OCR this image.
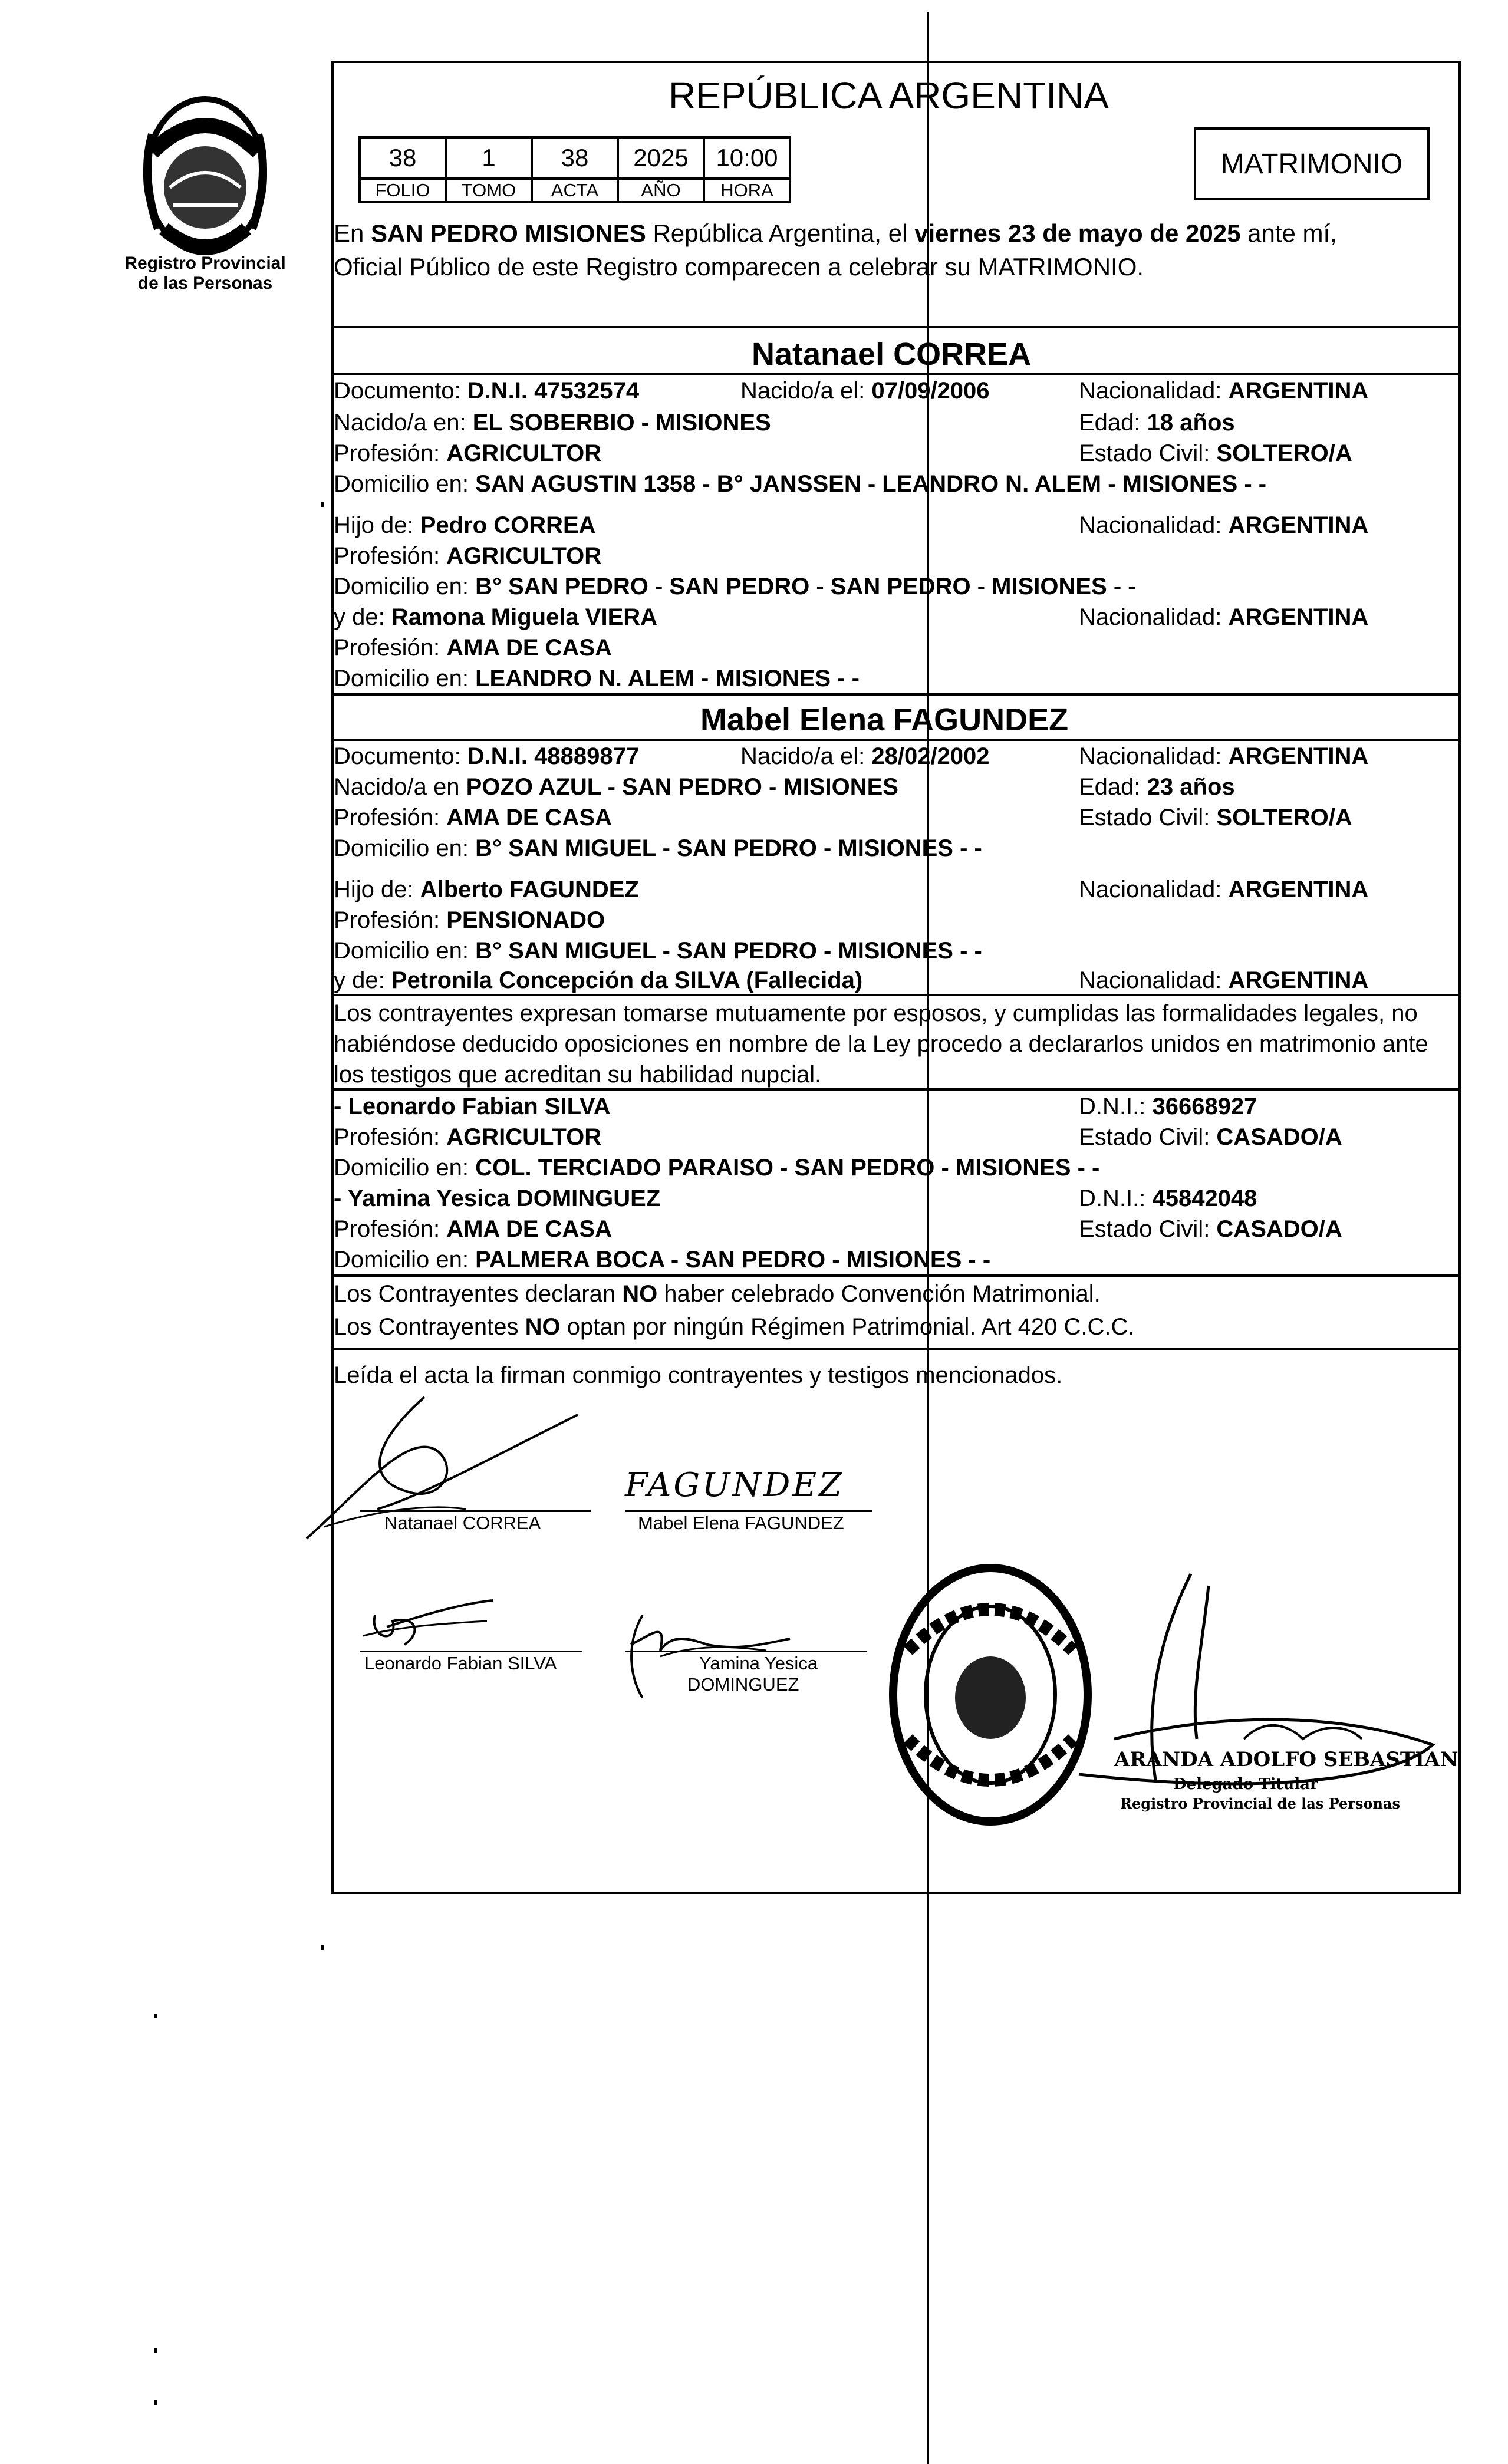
Registro Provincial
de las Personas
REPÚBLICA ARGENTINA
38	1	38	2025	10:00
FOLIO	TOMO	ACTA	AÑO	HORA
MATRIMONIO
En SAN PEDRO MISIONES República Argentina, el viernes 23 de mayo de 2025 ante mí,
Oficial Público de este Registro comparecen a celebrar su MATRIMONIO.
Natanael CORREA
Documento: D.N.I. 47532574	Nacido/a el: 07/09/2006	Nacionalidad: ARGENTINA
Nacido/a en: EL SOBERBIO - MISIONES	Edad: 18 años
Profesión: AGRICULTOR	Estado Civil: SOLTERO/A
Domicilio en: SAN AGUSTIN 1358 - B° JANSSEN - LEANDRO N. ALEM - MISIONES - -
Hijo de: Pedro CORREA	Nacionalidad: ARGENTINA
Profesión: AGRICULTOR
Domicilio en: B° SAN PEDRO - SAN PEDRO - SAN PEDRO - MISIONES - -
y de: Ramona Miguela VIERA	Nacionalidad: ARGENTINA
Profesión: AMA DE CASA
Domicilio en: LEANDRO N. ALEM - MISIONES - -
Mabel Elena FAGUNDEZ
Documento: D.N.I. 48889877	Nacido/a el: 28/02/2002	Nacionalidad: ARGENTINA
Nacido/a en POZO AZUL - SAN PEDRO - MISIONES	Edad: 23 años
Profesión: AMA DE CASA	Estado Civil: SOLTERO/A
Domicilio en: B° SAN MIGUEL - SAN PEDRO - MISIONES - -
Hijo de: Alberto FAGUNDEZ	Nacionalidad: ARGENTINA
Profesión: PENSIONADO
Domicilio en: B° SAN MIGUEL - SAN PEDRO - MISIONES - -
y de: Petronila Concepción da SILVA (Fallecida)	Nacionalidad: ARGENTINA
Los contrayentes expresan tomarse mutuamente por esposos, y cumplidas las formalidades legales, no
habiéndose deducido oposiciones en nombre de la Ley procedo a declararlos unidos en matrimonio ante
los testigos que acreditan su habilidad nupcial.
- Leonardo Fabian SILVA	D.N.I.: 36668927
Profesión: AGRICULTOR	Estado Civil: CASADO/A
Domicilio en: COL. TERCIADO PARAISO - SAN PEDRO - MISIONES - -
- Yamina Yesica DOMINGUEZ	D.N.I.: 45842048
Profesión: AMA DE CASA	Estado Civil: CASADO/A
Domicilio en: PALMERA BOCA - SAN PEDRO - MISIONES - -
Los Contrayentes declaran NO haber celebrado Convención Matrimonial.
Los Contrayentes NO optan por ningún Régimen Patrimonial. Art 420 C.C.C.
Leída el acta la firman conmigo contrayentes y testigos mencionados.
Natanael CORREA
FAGUNDEZ
Mabel Elena FAGUNDEZ
Leonardo Fabian SILVA	Yamina Yesica
DOMINGUEZ
ARANDA ADOLFO SEBASTIAN
Delegado Titular
Registro Provincial de las Personas
